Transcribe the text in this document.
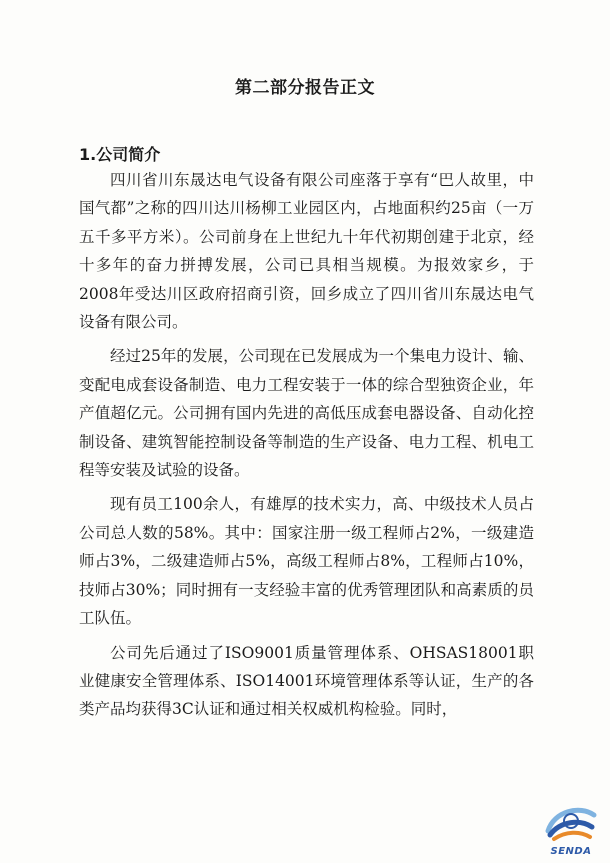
第二部分报告正文
1.公司简介

四川省川东晟达电气设备有限公司座落于享有“巴人故里，中国气都”之称的四川达川杨柳工业园区内，占地面积约25亩（一万五千多平方米）。公司前身在上世纪九十年代初期创建于北京，经十多年的奋力拼搏发展，公司已具相当规模。为报效家乡，于2008年受达川区政府招商引资，回乡成立了四川省川东晟达电气设备有限公司。

经过25年的发展，公司现在已发展成为一个集电力设计、输、变配电成套设备制造、电力工程安装于一体的综合型独资企业，年产值超亿元。公司拥有国内先进的高低压成套电器设备、自动化控制设备、建筑智能控制设备等制造的生产设备、电力工程、机电工程等安装及试验的设备。

现有员工100余人，有雄厚的技术实力，高、中级技术人员占公司总人数的58%。其中：国家注册一级工程师占2%，一级建造师占3%，二级建造师占5%，高级工程师占8%，工程师占10%，技师占30%；同时拥有一支经验丰富的优秀管理团队和高素质的员工队伍。

公司先后通过了ISO9001质量管理体系、OHSAS18001职业健康安全管理体系、ISO14001环境管理体系等认证，生产的各类产品均获得3C认证和通过相关权威机构检验。同时，

SENDA
